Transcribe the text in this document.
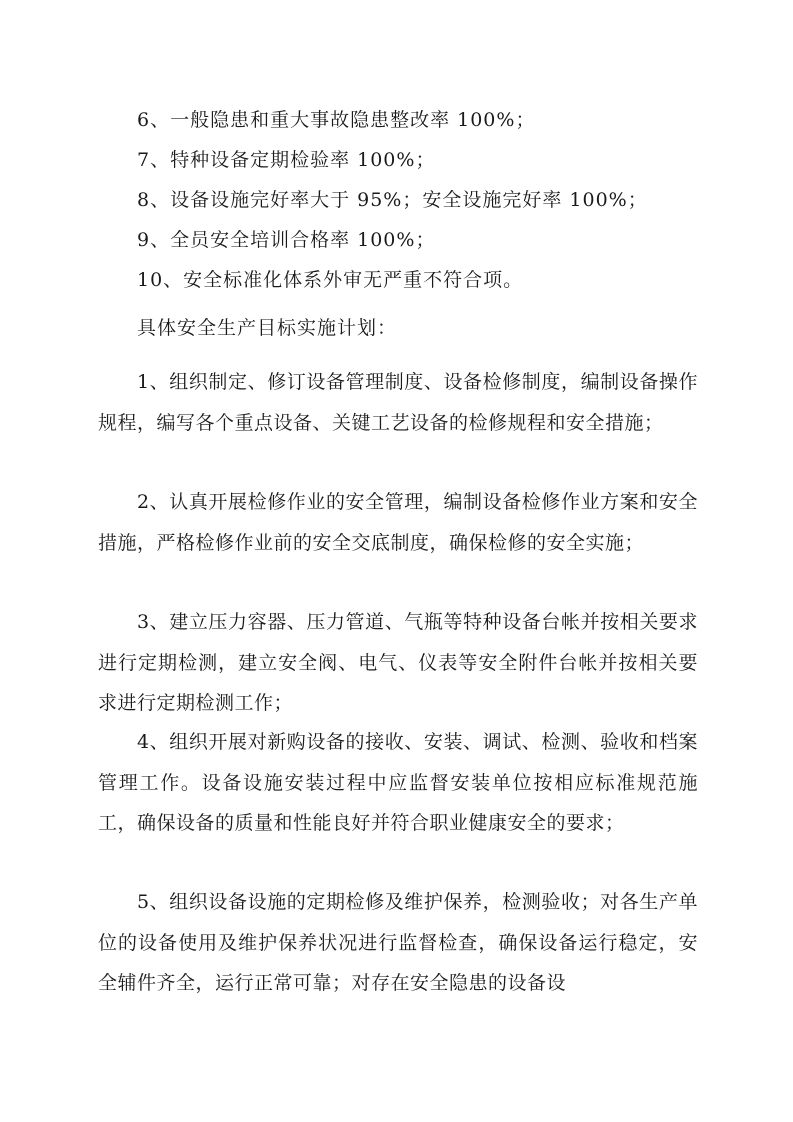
6、一般隐患和重大事故隐患整改率 100%；
7、特种设备定期检验率 100%；
8、设备设施完好率大于 95%；安全设施完好率 100%；
9、全员安全培训合格率 100%；
10、安全标准化体系外审无严重不符合项。
具体安全生产目标实施计划：
1、组织制定、修订设备管理制度、设备检修制度，编制设备操作规程，编写各个重点设备、关键工艺设备的检修规程和安全措施；
2、认真开展检修作业的安全管理，编制设备检修作业方案和安全措施，严格检修作业前的安全交底制度，确保检修的安全实施；
3、建立压力容器、压力管道、气瓶等特种设备台帐并按相关要求进行定期检测，建立安全阀、电气、仪表等安全附件台帐并按相关要求进行定期检测工作；
4、组织开展对新购设备的接收、安装、调试、检测、验收和档案管理工作。设备设施安装过程中应监督安装单位按相应标准规范施工，确保设备的质量和性能良好并符合职业健康安全的要求；
5、组织设备设施的定期检修及维护保养，检测验收；对各生产单位的设备使用及维护保养状况进行监督检查，确保设备运行稳定，安全辅件齐全，运行正常可靠；对存在安全隐患的设备设
